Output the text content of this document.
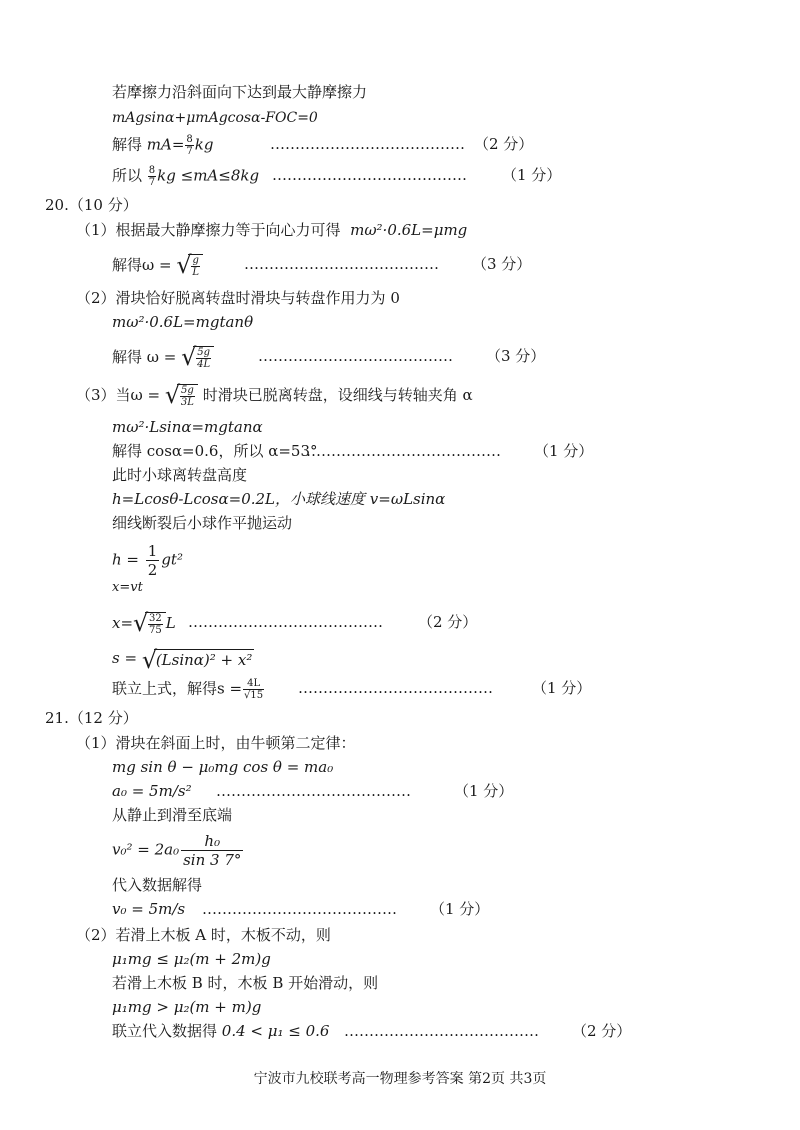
若摩擦力沿斜面向下达到最大静摩擦力
mAgsinα+μmAgcosα-FOC=0
解得 $mA= \frac{8}{7}$ kg	………………………………… （2 分）
所以 $\frac{8}{7}$ kg ≤mA≤8kg ………………………………… （1 分）
20.（10 分）
（1）根据最大静摩擦力等于向心力可得 mω²·0.6L=μmg
解得ω = √ $\frac{g}{L}$	………………………………… （3 分）
（2）滑块恰好脱离转盘时滑块与转盘作用力为 0
mω²·0.6L=mgtanθ
解得 ω = √ $\frac{5g}{4L}$	………………………………… （3 分）
（3）当ω = √ $\frac{5g}{3L}$ 时滑块已脱离转盘，设细线与转轴夹角 α
mω²·Lsinα=mgtanα
解得 cosα=0.6，所以 α=53°
………………………………… （1 分）
此时小球离转盘高度
h=Lcosθ-Lcosα=0.2L，小球线速度 v=ωLsinα
细线断裂后小球作平抛运动
$h = \frac{1}{2} gt^2$
x=vt
x= √ $\frac{32}{75}$ L ………………………………… （2 分）
s = √
(Lsinα)² + x²
联立上式，解得$s = \frac{4L}{√15}$ …………………………………	（1 分）
21.（12 分）
（1）滑块在斜面上时，由牛顿第二定律：
mg sin θ − μ₀mg cos θ = ma₀
a₀ = 5m/s² …………………………………	（1 分）
从静止到滑至底端
$v_0^2 = 2a_0 \frac{\text{h₀}}{\sin 3 7^\circ}$
代入数据解得
v₀ = 5m/s ………………………………… （1 分）
（2）若滑上木板 A 时，木板不动，则
μ₁mg ≤ μ₂(m + 2m)g
若滑上木板 B 时，木板 B 开始滑动，则
μ₁mg > μ₂(m + m)g
联立代入数据得 0.4 < μ₁ ≤ 0.6 ………………………………… （2 分）
宁波市九校联考高一物理参考答案 第2页 共3页
